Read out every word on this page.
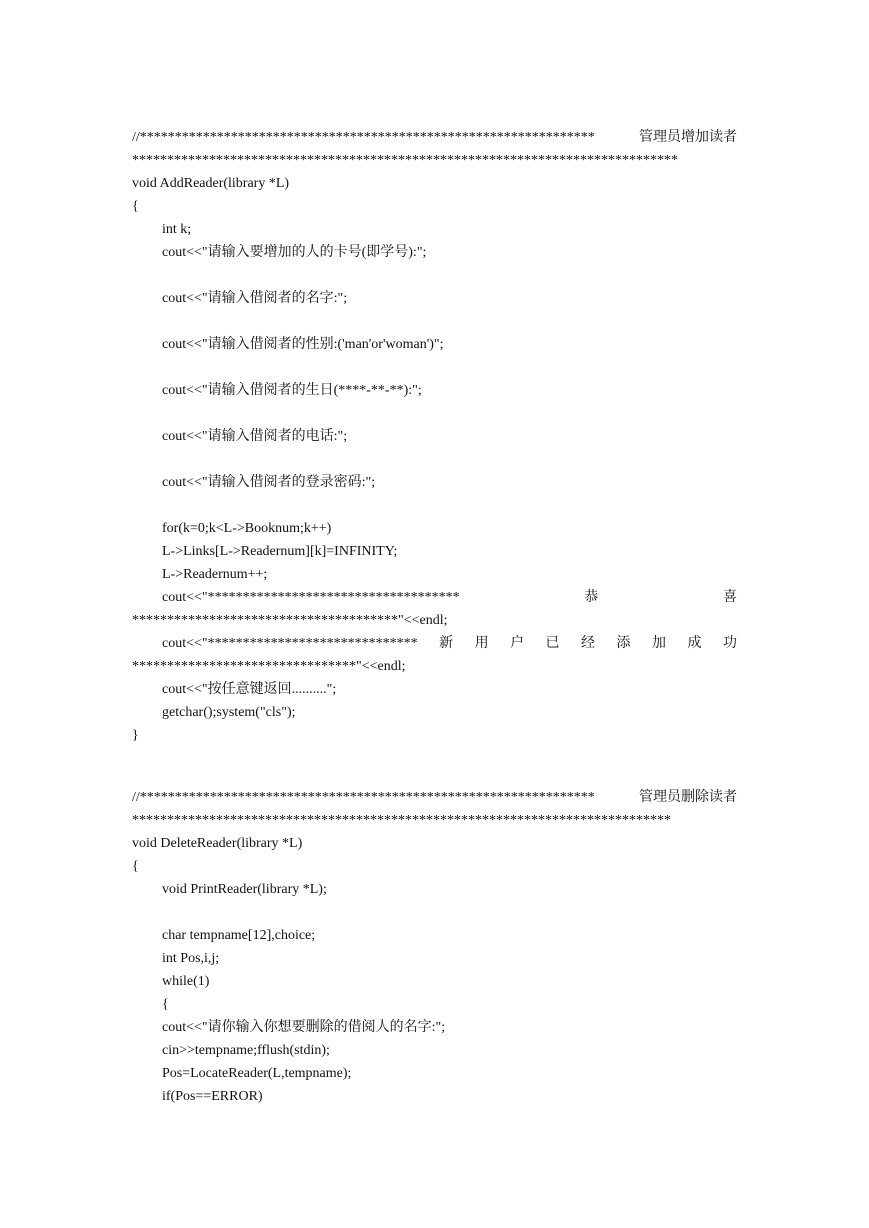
//*****************************************************************	管理员增加读者
******************************************************************************
void AddReader(library *L)
{
int k;
cout<<"请输入要增加的人的卡号(即学号):";

cout<<"请输入借阅者的名字:";

cout<<"请输入借阅者的性别:('man'or'woman')";

cout<<"请输入借阅者的生日(****-**-**):";

cout<<"请输入借阅者的电话:";

cout<<"请输入借阅者的登录密码:";

for(k=0;k<L->Booknum;k++)
L->Links[L->Readernum][k]=INFINITY;
L->Readernum++;
cout<<"************************************	恭	喜
**************************************"<<endl;
cout<<"****************************** 新 用 户 已 经 添 加 成 功
********************************"<<endl;
cout<<"按任意键返回..........";
getchar();system("cls");
}
//*****************************************************************	管理员删除读者
*****************************************************************************
void DeleteReader(library *L)
{
void PrintReader(library *L);
char tempname[12],choice;
int Pos,i,j;
while(1)
{
cout<<"请你输入你想要删除的借阅人的名字:";
cin>>tempname;fflush(stdin);
Pos=LocateReader(L,tempname);
if(Pos==ERROR)
